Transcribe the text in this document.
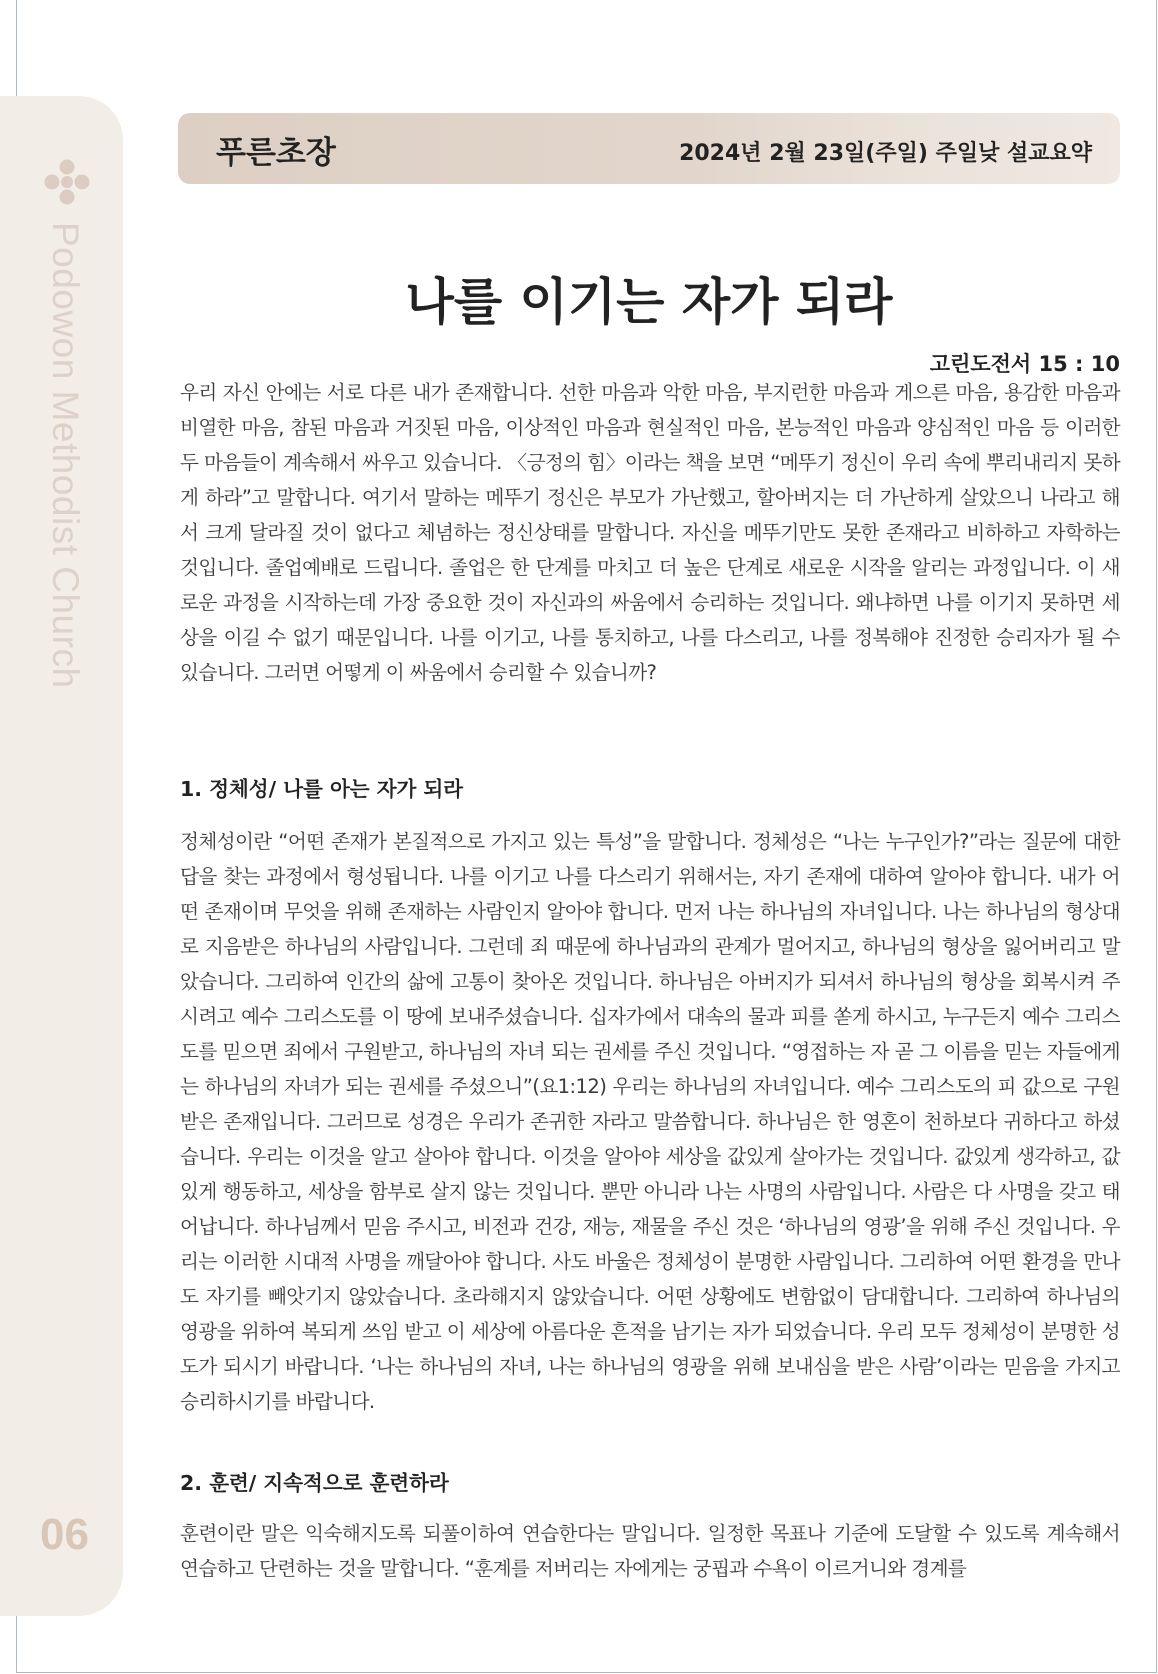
Podowon Methodist Church
06
푸른초장	2024년 2월 23일(주일) 주일낮 설교요약
나를 이기는 자가 되라
고린도전서 15 : 10

우리 자신 안에는 서로 다른 내가 존재합니다. 선한 마음과 악한 마음, 부지런한 마음과 게으른 마음, 용감한 마음과 비열한 마음, 참된 마음과 거짓된 마음, 이상적인 마음과 현실적인 마음, 본능적인 마음과 양심적인 마음 등 이러한 두 마음들이 계속해서 싸우고 있습니다. 〈긍정의 힘〉이라는 책을 보면 “메뚜기 정신이 우리 속에 뿌리내리지 못하게 하라”고 말합니다. 여기서 말하는 메뚜기 정신은 부모가 가난했고, 할아버지는 더 가난하게 살았으니 나라고 해서 크게 달라질 것이 없다고 체념하는 정신상태를 말합니다. 자신을 메뚜기만도 못한 존재라고 비하하고 자학하는 것입니다. 졸업예배로 드립니다. 졸업은 한 단계를 마치고 더 높은 단계로 새로운 시작을 알리는 과정입니다. 이 새로운 과정을 시작하는데 가장 중요한 것이 자신과의 싸움에서 승리하는 것입니다. 왜냐하면 나를 이기지 못하면 세상을 이길 수 없기 때문입니다. 나를 이기고, 나를 통치하고, 나를 다스리고, 나를 정복해야 진정한 승리자가 될 수 있습니다. 그러면 어떻게 이 싸움에서 승리할 수 있습니까?

1. 정체성/ 나를 아는 자가 되라

정체성이란 “어떤 존재가 본질적으로 가지고 있는 특성”을 말합니다. 정체성은 “나는 누구인가?”라는 질문에 대한 답을 찾는 과정에서 형성됩니다. 나를 이기고 나를 다스리기 위해서는, 자기 존재에 대하여 알아야 합니다. 내가 어떤 존재이며 무엇을 위해 존재하는 사람인지 알아야 합니다. 먼저 나는 하나님의 자녀입니다. 나는 하나님의 형상대로 지음받은 하나님의 사람입니다. 그런데 죄 때문에 하나님과의 관계가 멀어지고, 하나님의 형상을 잃어버리고 말았습니다. 그리하여 인간의 삶에 고통이 찾아온 것입니다. 하나님은 아버지가 되셔서 하나님의 형상을 회복시켜 주시려고 예수 그리스도를 이 땅에 보내주셨습니다. 십자가에서 대속의 물과 피를 쏟게 하시고, 누구든지 예수 그리스도를 믿으면 죄에서 구원받고, 하나님의 자녀 되는 권세를 주신 것입니다. “영접하는 자 곧 그 이름을 믿는 자들에게는 하나님의 자녀가 되는 권세를 주셨으니”(요1:12) 우리는 하나님의 자녀입니다. 예수 그리스도의 피 값으로 구원받은 존재입니다. 그러므로 성경은 우리가 존귀한 자라고 말씀합니다. 하나님은 한 영혼이 천하보다 귀하다고 하셨습니다. 우리는 이것을 알고 살아야 합니다. 이것을 알아야 세상을 값있게 살아가는 것입니다. 값있게 생각하고, 값있게 행동하고, 세상을 함부로 살지 않는 것입니다. 뿐만 아니라 나는 사명의 사람입니다. 사람은 다 사명을 갖고 태어납니다. 하나님께서 믿음 주시고, 비전과 건강, 재능, 재물을 주신 것은 ‘하나님의 영광’을 위해 주신 것입니다. 우리는 이러한 시대적 사명을 깨달아야 합니다. 사도 바울은 정체성이 분명한 사람입니다. 그리하여 어떤 환경을 만나도 자기를 빼앗기지 않았습니다. 초라해지지 않았습니다. 어떤 상황에도 변함없이 담대합니다. 그리하여 하나님의 영광을 위하여 복되게 쓰임 받고 이 세상에 아름다운 흔적을 남기는 자가 되었습니다. 우리 모두 정체성이 분명한 성도가 되시기 바랍니다. ‘나는 하나님의 자녀, 나는 하나님의 영광을 위해 보내심을 받은 사람’이라는 믿음을 가지고 승리하시기를 바랍니다.

2. 훈련/ 지속적으로 훈련하라

훈련이란 말은 익숙해지도록 되풀이하여 연습한다는 말입니다. 일정한 목표나 기준에 도달할 수 있도록 계속해서 연습하고 단련하는 것을 말합니다. “훈계를 저버리는 자에게는 궁핍과 수욕이 이르거니와 경계를
